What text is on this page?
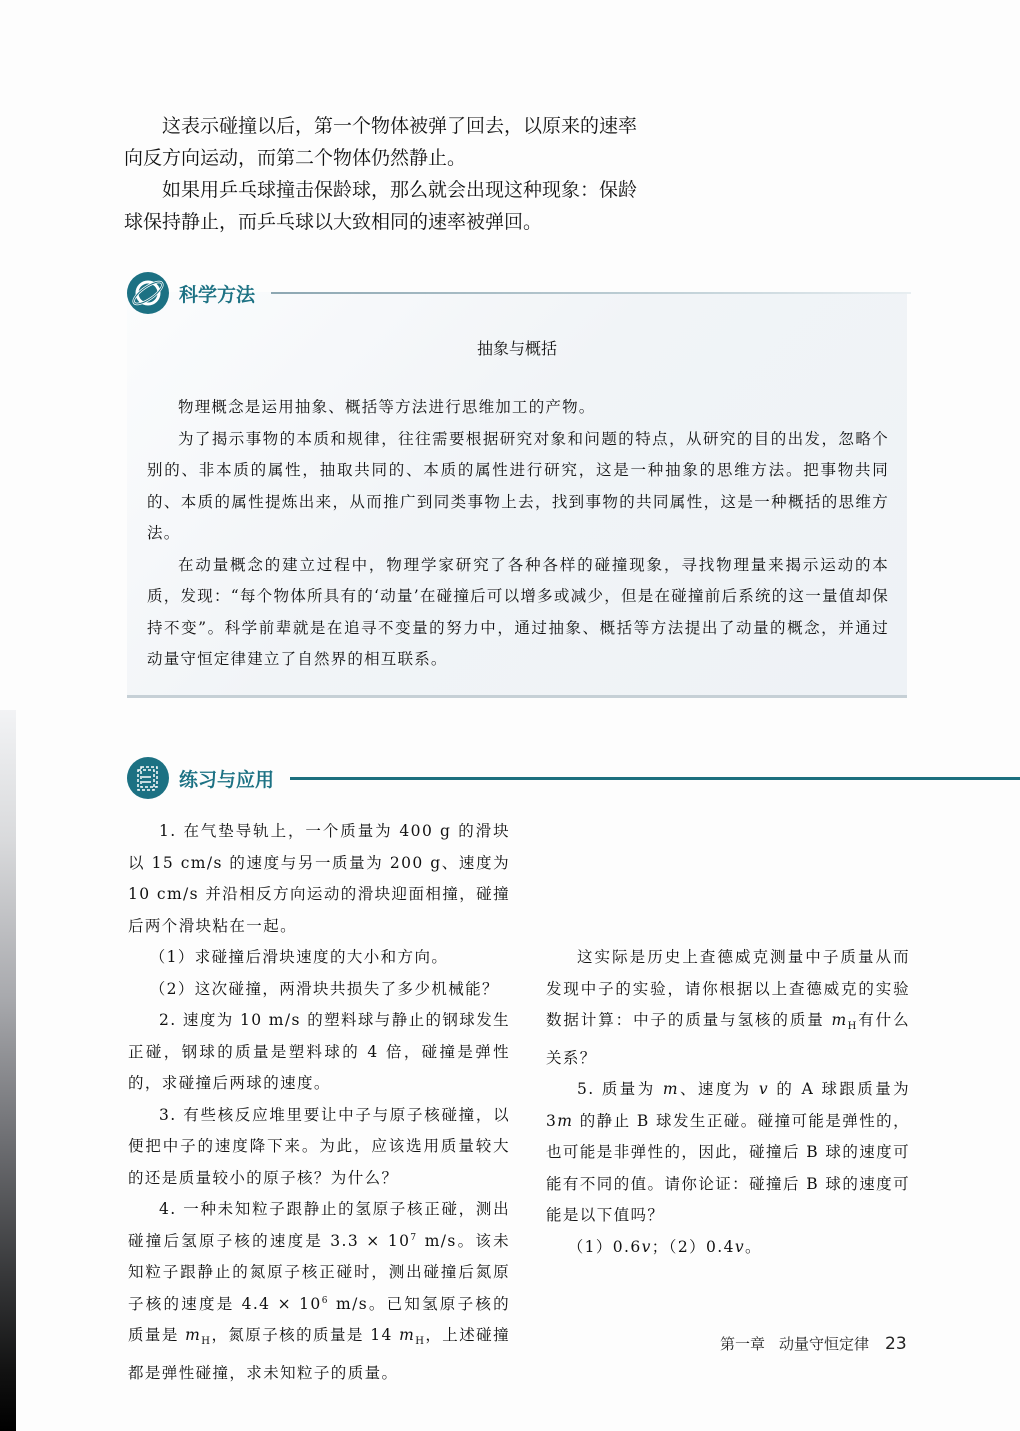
这表示碰撞以后，第一个物体被弹了回去，以原来的速率向反方向运动，而第二个物体仍然静止。

如果用乒乓球撞击保龄球，那么就会出现这种现象：保龄球保持静止，而乒乓球以大致相同的速率被弹回。

抽象与概括

物理概念是运用抽象、概括等方法进行思维加工的产物。

为了揭示事物的本质和规律，往往需要根据研究对象和问题的特点，从研究的目的出发，忽略个别的、非本质的属性，抽取共同的、本质的属性进行研究，这是一种抽象的思维方法。把事物共同的、本质的属性提炼出来，从而推广到同类事物上去，找到事物的共同属性，这是一种概括的思维方法。

在动量概念的建立过程中，物理学家研究了各种各样的碰撞现象，寻找物理量来揭示运动的本质，发现：“每个物体所具有的‘动量’在碰撞后可以增多或减少，但是在碰撞前后系统的这一量值却保持不变”。科学前辈就是在追寻不变量的努力中，通过抽象、概括等方法提出了动量的概念，并通过动量守恒定律建立了自然界的相互联系。

科学方法
练习与应用

1. 在气垫导轨上，一个质量为 400 g 的滑块以 15 cm/s 的速度与另一质量为 200 g、速度为 10 cm/s 并沿相反方向运动的滑块迎面相撞，碰撞后两个滑块粘在一起。

（1）求碰撞后滑块速度的大小和方向。

（2）这次碰撞，两滑块共损失了多少机械能？

2. 速度为 10 m/s 的塑料球与静止的钢球发生正碰，钢球的质量是塑料球的 4 倍，碰撞是弹性的，求碰撞后两球的速度。

3. 有些核反应堆里要让中子与原子核碰撞，以便把中子的速度降下来。为此，应该选用质量较大的还是质量较小的原子核？为什么？

4. 一种未知粒子跟静止的氢原子核正碰，测出碰撞后氢原子核的速度是 $3.3 \times 10^7$ m/s。该未知粒子跟静止的氮原子核正碰时，测出碰撞后氮原子核的速度是 $4.4 \times 10^6$ m/s。已知氢原子核的质量是 $m_H$，氮原子核的质量是 14 $m_H$，上述碰撞都是弹性碰撞，求未知粒子的质量。

这实际是历史上查德威克测量中子质量从而发现中子的实验，请你根据以上查德威克的实验数据计算：中子的质量与氢核的质量 $m_H$有什么关系？

5. 质量为 m、速度为 v 的 A 球跟质量为 3m 的静止 B 球发生正碰。碰撞可能是弹性的，也可能是非弹性的，因此，碰撞后 B 球的速度可能有不同的值。请你论证：碰撞后 B 球的速度可能是以下值吗？

（1）0.6v；（2）0.4v。

第一章 动量守恒定律 23
